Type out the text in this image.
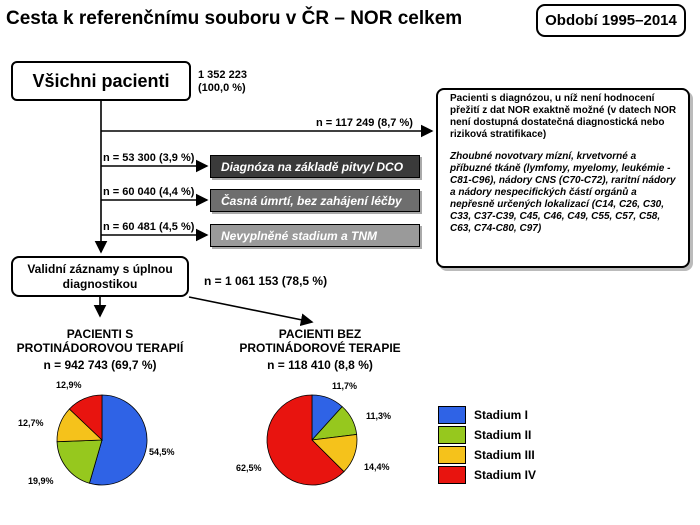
Cesta k referenčnímu souboru v ČR – NOR celkem	Období 1995–2014
Všichni pacienti	1 352 223
(100,0 %)
n = 117 249 (8,7 %)
n = 53 300 (3,9 %)
Diagnóza na základě pitvy/ DCO
n = 60 040 (4,4 %)
Časná úmrtí, bez zahájení léčby
n = 60 481 (4,5 %)
Nevyplněné stadium a TNM

Pacienti s diagnózou, u níž není hodnocení přežití z dat NOR exaktně možné (v datech NOR není dostupná dostatečná diagnostická nebo riziková stratifikace)

Zhoubné novotvary mízní, krvetvorné a příbuzné tkáně (lymfomy, myelomy, leukémie - C81-C96), nádory CNS (C70-C72), raritní nádory a nádory nespecifických částí orgánů a nepřesně určených lokalizací (C14, C26, C30, C33, C37-C39, C45, C46, C49, C55, C57, C58, C63, C74-C80, C97)

Validní záznamy s úplnou diagnostikou	n = 1 061 153 (78,5 %)
PACIENTI S
PROTINÁDOROVOU TERAPIÍ
n = 942 743 (69,7 %)
PACIENTI BEZ
PROTINÁDOROVÉ TERAPIE
n = 118 410 (8,8 %)
54,5%
19,9%
12,7%
12,9%	11,7%
11,3%
14,4%
62,5%
Stadium I
Stadium II
Stadium III
Stadium IV
